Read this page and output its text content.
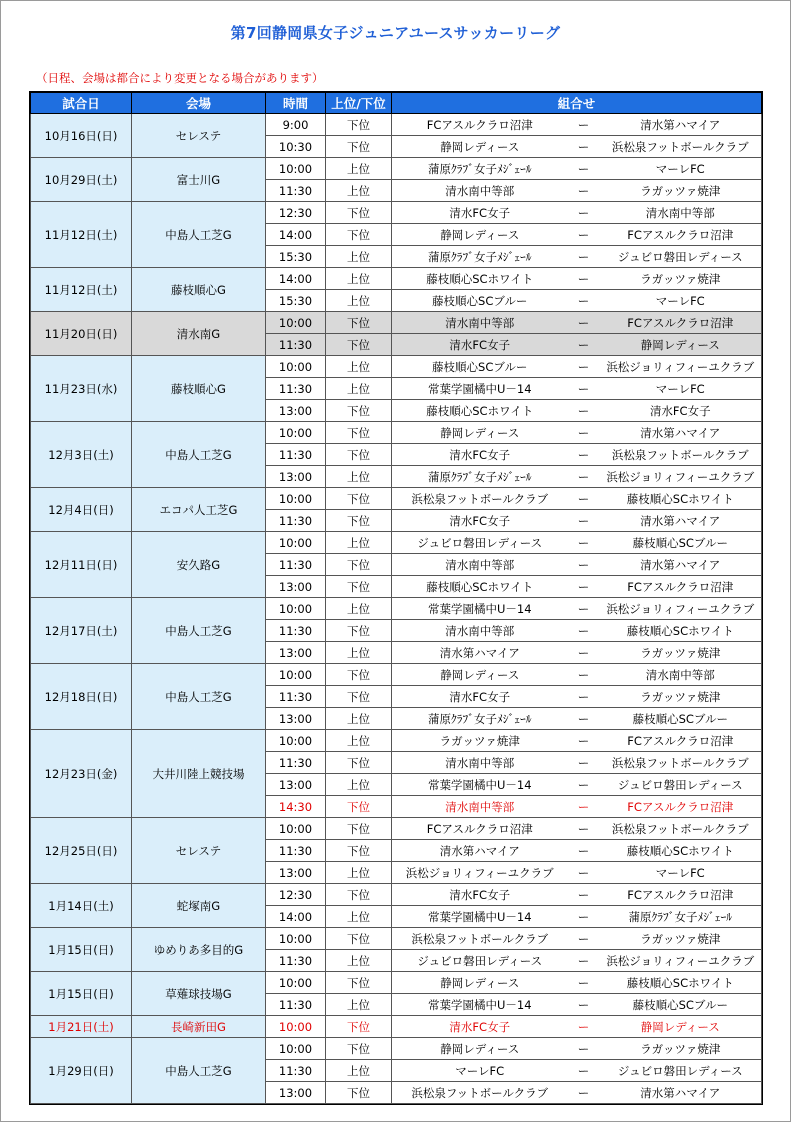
第7回静岡県女子ジュニアユースサッカーリーグ
（日程、会場は都合により変更となる場合があります）
試合日	会場	時間	上位/下位	組合せ		
10月16日(日)	セレステ	9:00	下位	FCアスルクラロ沼津	ー	清水第ハマイア
		10:30	下位	静岡レディース	ー	浜松泉フットボールクラブ
10月29日(土)	富士川G	10:00	上位	蒲原ｸﾗﾌﾞ女子ﾒｼﾞｪｰﾙ	ー	マーレFC
		11:30	上位	清水南中等部	ー	ラガッツァ焼津
11月12日(土)	中島人工芝G	12:30	下位	清水FC女子	ー	清水南中等部
		14:00	下位	静岡レディース	ー	FCアスルクラロ沼津
		15:30	上位	蒲原ｸﾗﾌﾞ女子ﾒｼﾞｪｰﾙ	ー	ジュビロ磐田レディース
11月12日(土)	藤枝順心G	14:00	上位	藤枝順心SCホワイト	ー	ラガッツァ焼津
		15:30	上位	藤枝順心SCブルー	ー	マーレFC
11月20日(日)	清水南G	10:00	下位	清水南中等部	ー	FCアスルクラロ沼津
		11:30	下位	清水FC女子	ー	静岡レディース
11月23日(水)	藤枝順心G	10:00	上位	藤枝順心SCブルー	ー	浜松ジョリィフィーユクラブ
		11:30	上位	常葉学園橘中U－14	ー	マーレFC
		13:00	下位	藤枝順心SCホワイト	ー	清水FC女子
12月3日(土)	中島人工芝G	10:00	下位	静岡レディース	ー	清水第ハマイア
		11:30	下位	清水FC女子	ー	浜松泉フットボールクラブ
		13:00	上位	蒲原ｸﾗﾌﾞ女子ﾒｼﾞｪｰﾙ	ー	浜松ジョリィフィーユクラブ
12月4日(日)	エコパ人工芝G	10:00	下位	浜松泉フットボールクラブ	ー	藤枝順心SCホワイト
		11:30	下位	清水FC女子	ー	清水第ハマイア
12月11日(日)	安久路G	10:00	上位	ジュビロ磐田レディース	ー	藤枝順心SCブルー
		11:30	下位	清水南中等部	ー	清水第ハマイア
		13:00	下位	藤枝順心SCホワイト	ー	FCアスルクラロ沼津
12月17日(土)	中島人工芝G	10:00	上位	常葉学園橘中U－14	ー	浜松ジョリィフィーユクラブ
		11:30	下位	清水南中等部	ー	藤枝順心SCホワイト
		13:00	上位	清水第ハマイア	ー	ラガッツァ焼津
12月18日(日)	中島人工芝G	10:00	下位	静岡レディース	ー	清水南中等部
		11:30	下位	清水FC女子	ー	ラガッツァ焼津
		13:00	上位	蒲原ｸﾗﾌﾞ女子ﾒｼﾞｪｰﾙ	ー	藤枝順心SCブルー
12月23日(金)	大井川陸上競技場	10:00	上位	ラガッツァ焼津	ー	FCアスルクラロ沼津
		11:30	下位	清水南中等部	ー	浜松泉フットボールクラブ
		13:00	上位	常葉学園橘中U－14	ー	ジュビロ磐田レディース
		14:30	下位	清水南中等部	ー	FCアスルクラロ沼津
12月25日(日)	セレステ	10:00	下位	FCアスルクラロ沼津	ー	浜松泉フットボールクラブ
		11:30	下位	清水第ハマイア	ー	藤枝順心SCホワイト
		13:00	上位	浜松ジョリィフィーユクラブ	ー	マーレFC
1月14日(土)	蛇塚南G	12:30	下位	清水FC女子	ー	FCアスルクラロ沼津
		14:00	上位	常葉学園橘中U－14	ー	蒲原ｸﾗﾌﾞ女子ﾒｼﾞｪｰﾙ
1月15日(日)	ゆめりあ多目的G	10:00	下位	浜松泉フットボールクラブ	ー	ラガッツァ焼津
		11:30	上位	ジュビロ磐田レディース	ー	浜松ジョリィフィーユクラブ
1月15日(日)	草薙球技場G	10:00	下位	静岡レディース	ー	藤枝順心SCホワイト
		11:30	上位	常葉学園橘中U－14	ー	藤枝順心SCブルー
1月21日(土)	長崎新田G	10:00	下位	清水FC女子	ー	静岡レディース
1月29日(日)	中島人工芝G	10:00	下位	静岡レディース	ー	ラガッツァ焼津
		11:30	上位	マーレFC	ー	ジュビロ磐田レディース
		13:00	下位	浜松泉フットボールクラブ	ー	清水第ハマイア
